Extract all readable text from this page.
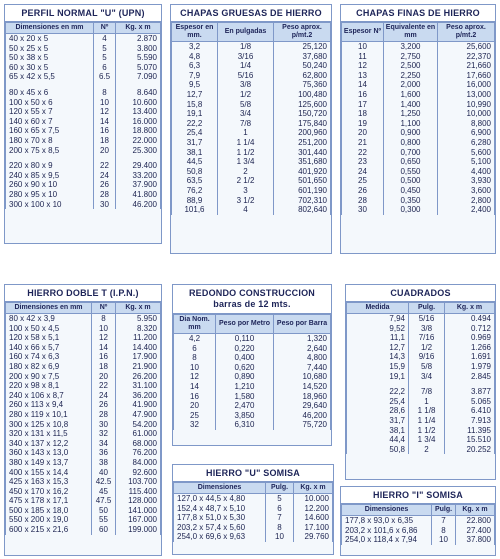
PERFIL NORMAL "U" (UPN)
Dimensiones en mm	Nº	Kg. x m
40 x 20 x 5	4	2.870
50 x 25 x 5	5	3.800
50 x 38 x 5	5	5.590
60 x 30 x 5	6	5.070
65 x 42 x 5,5	6.5	7.090

80 x 45 x 6	8	8.640
100 x 50 x 6	10	10.600
120 x 55 x 7	12	13.400
140 x 60 x 7	14	16.000
160 x 65 x 7,5	16	18.800
180 x 70 x 8	18	22.000
200 x 75 x 8,5	20	25.300

220 x 80 x 9	22	29.400
240 x 85 x 9,5	24	33.200
260 x 90 x 10	26	37.900
280 x 95 x 10	28	41.800
300 x 100 x 10	30	46.200
CHAPAS GRUESAS DE HIERRO
Espesor en mm.	En pulgadas	Peso aprox. p/mt.2
3,2	1/8	25,120
4,8	3/16	37,680
6,3	1/4	50,240
7,9	5/16	62,800
9,5	3/8	75,360
12,7	1/2	100,480
15,8	5/8	125,600
19,1	3/4	150,720
22,2	7/8	175,840
25,4	1	200,960
31,7	1 1/4	251,200
38,1	1 1/2	301,440
44,5	1 3/4	351,680
50,8	2	401,920
63,5	2 1/2	501,650
76,2	3	601,190
88,9	3 1/2	702,310
101,6	4	802,640
CHAPAS FINAS DE HIERRO
Espesor Nº	Equivalente en mm	Peso aprox. p/mt.2
10	3,200	25,600
11	2,750	22,370
12	2,500	21,660
13	2,250	17,660
14	2,000	16,000
16	1,600	13,000
17	1,400	10,990
18	1,250	10,000
19	1,100	8,800
20	0,900	6,900
21	0,800	6,280
22	0,700	5,600
23	0,650	5,100
24	0,550	4,400
25	0,500	3,930
26	0,450	3,600
28	0,350	2,800
30	0,300	2,400
HIERRO DOBLE T (I.P.N.)
Dimensiones en mm	Nº	Kg. x m
80 x 42 x 3,9	8	5.950
100 x 50 x 4,5	10	8.320
120 x 58 x 5,1	12	11.200
140 x 66 x 5,7	14	14.400
160 x 74 x 6,3	16	17.900
180 x 82 x 6,9	18	21.900
200 x 90 x 7,5	20	26.200
220 x 98 x 8,1	22	31.100
240 x 106 x 8,7	24	36.200
260 x 113 x 9,4	26	41.900
280 x 119 x 10,1	28	47.900
300 x 125 x 10,8	30	54.200
320 x 131 x 11,5	32	61.000
340 x 137 x 12,2	34	68.000
360 x 143 x 13,0	36	76.200
380 x 149 x 13,7	38	84.000
400 x 155 x 14,4	40	92.600
425 x 163 x 15,3	42.5	103.700
450 x 170 x 16,2	45	115.400
475 x 178 x 17,1	47.5	128.000
500 x 185 x 18,0	50	141.000
550 x 200 x 19,0	55	167.000
600 x 215 x 21,6	60	199.000
REDONDO CONSTRUCCION
barras de 12 mts.
Dia Nom. mm	Peso por Metro	Peso por Barra
4,2	0,110	1,320
6	0,220	2,640
8	0,400	4,800
10	0,620	7,440
12	0,890	10,680
14	1,210	14,520
16	1,580	18,960
20	2,470	29,640
25	3,850	46,200
32	6,310	75,720
CUADRADOS
Medida	Pulg.	Kg. x m
7,94	5/16	0.494
9,52	3/8	0.712
11,1	7/16	0.969
12,7	1/2	1.266
14,3	9/16	1.691
15,9	5/8	1.979
19,1	3/4	2.845

22,2	7/8	3.877
25,4	1	5.065
28,6	1 1/8	6.410
31,7	1 1/4	7.913
38,1	1 1/2	11.395
44,4	1 3/4	15.510
50,8	2	20.252
HIERRO "U" SOMISA
Dimensiones	Pulg.	Kg. x m
127,0 x 44,5 x 4,80	5	10.000
152,4 x 48,7 x 5,10	6	12.200
177,8 x 51,0 x 5,30	7	14.600
203,2 x 57,4 x 5,60	8	17.100
254,0 x 69,6 x 9,63	10	29.760
HIERRO "I" SOMISA
Dimensiones	Pulg.	Kg. x m
177,8 x 93,0 x 6,35	7	22.800
203,2 x 101,6 x 6,86	8	27.400
254,0 x 118,4 x 7,94	10	37.800
